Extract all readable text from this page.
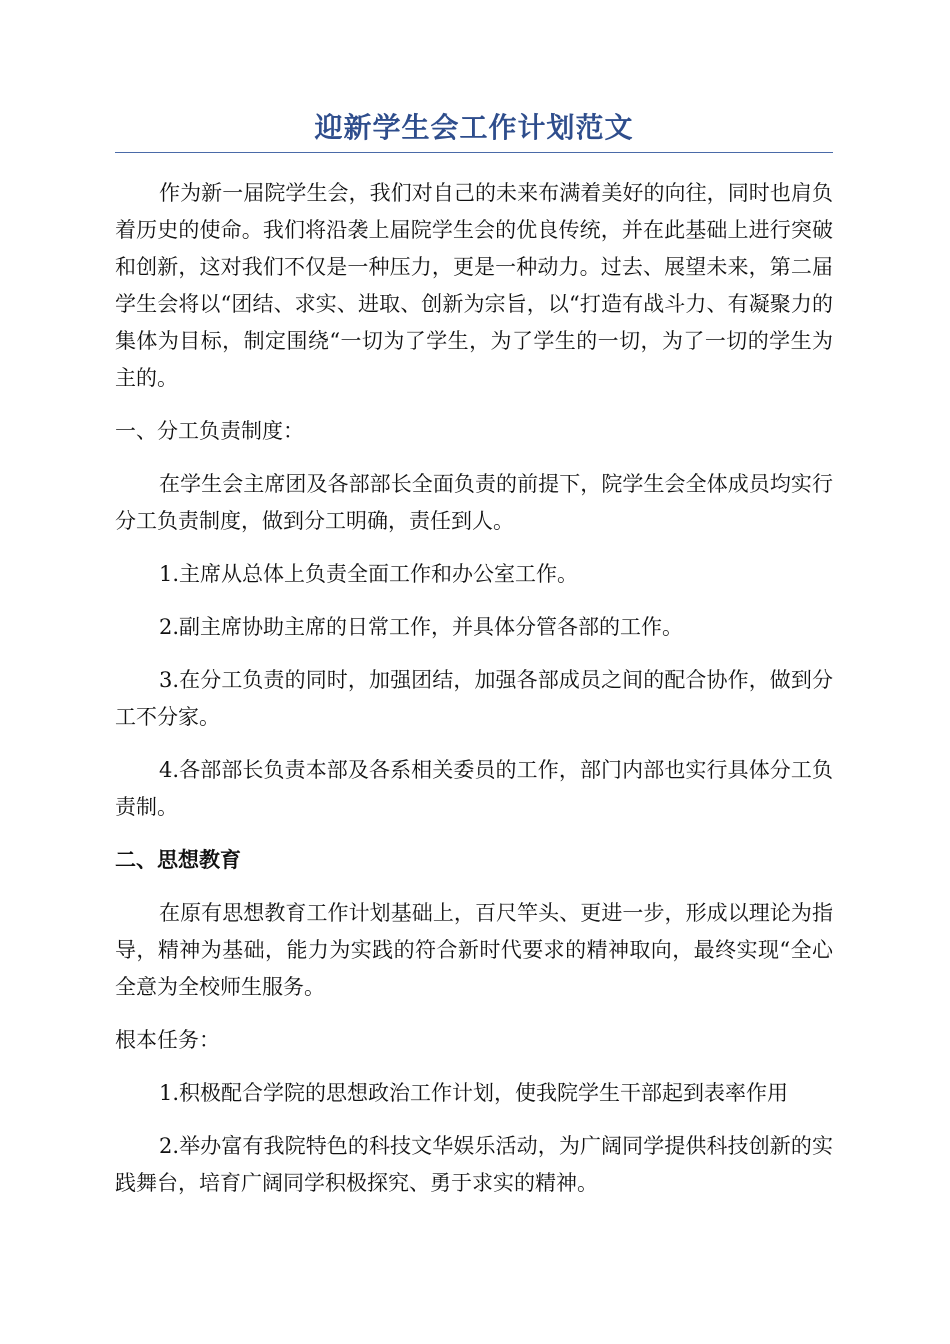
迎新学生会工作计划范文

作为新一届院学生会，我们对自己的未来布满着美好的向往，同时也肩负着历史的使命。我们将沿袭上届院学生会的优良传统，并在此基础上进行突破和创新，这对我们不仅是一种压力，更是一种动力。过去、展望未来，第二届学生会将以“团结、求实、进取、创新为宗旨，以“打造有战斗力、有凝聚力的集体为目标，制定围绕“一切为了学生，为了学生的一切，为了一切的学生为主的。

一、分工负责制度：

在学生会主席团及各部部长全面负责的前提下，院学生会全体成员均实行分工负责制度，做到分工明确，责任到人。

1.主席从总体上负责全面工作和办公室工作。

2.副主席协助主席的日常工作，并具体分管各部的工作。

3.在分工负责的同时，加强团结，加强各部成员之间的配合协作，做到分工不分家。

4.各部部长负责本部及各系相关委员的工作，部门内部也实行具体分工负责制。

二、思想教育

在原有思想教育工作计划基础上，百尺竿头、更进一步，形成以理论为指导，精神为基础，能力为实践的符合新时代要求的精神取向，最终实现“全心全意为全校师生服务。

根本任务：

1.积极配合学院的思想政治工作计划，使我院学生干部起到表率作用

2.举办富有我院特色的科技文华娱乐活动，为广阔同学提供科技创新的实践舞台，培育广阔同学积极探究、勇于求实的精神。
